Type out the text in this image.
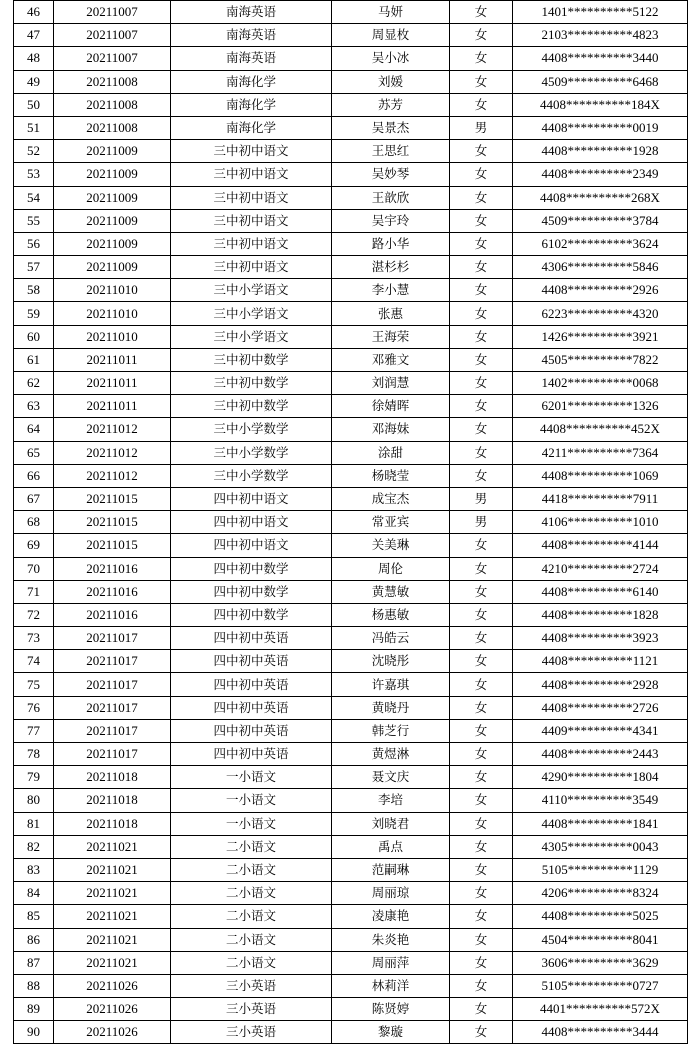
46	20211007	南海英语	马妍	女	1401**********5122
47	20211007	南海英语	周显枚	女	2103**********4823
48	20211007	南海英语	吴小冰	女	4408**********3440
49	20211008	南海化学	刘媛	女	4509**********6468
50	20211008	南海化学	苏芳	女	4408**********184X
51	20211008	南海化学	吴景杰	男	4408**********0019
52	20211009	三中初中语文	王思红	女	4408**********1928
53	20211009	三中初中语文	吴妙琴	女	4408**********2349
54	20211009	三中初中语文	王歆欣	女	4408**********268X
55	20211009	三中初中语文	吴宇玲	女	4509**********3784
56	20211009	三中初中语文	路小华	女	6102**********3624
57	20211009	三中初中语文	湛杉杉	女	4306**********5846
58	20211010	三中小学语文	李小慧	女	4408**********2926
59	20211010	三中小学语文	张惠	女	6223**********4320
60	20211010	三中小学语文	王海荣	女	1426**********3921
61	20211011	三中初中数学	邓雅文	女	4505**********7822
62	20211011	三中初中数学	刘润慧	女	1402**********0068
63	20211011	三中初中数学	徐婧晖	女	6201**********1326
64	20211012	三中小学数学	邓海妹	女	4408**********452X
65	20211012	三中小学数学	涂甜	女	4211**********7364
66	20211012	三中小学数学	杨晓莹	女	4408**********1069
67	20211015	四中初中语文	成宝杰	男	4418**********7911
68	20211015	四中初中语文	常亚宾	男	4106**********1010
69	20211015	四中初中语文	关美琳	女	4408**********4144
70	20211016	四中初中数学	周伦	女	4210**********2724
71	20211016	四中初中数学	黄慧敏	女	4408**********6140
72	20211016	四中初中数学	杨惠敏	女	4408**********1828
73	20211017	四中初中英语	冯皓云	女	4408**********3923
74	20211017	四中初中英语	沈晓彤	女	4408**********1121
75	20211017	四中初中英语	许嘉琪	女	4408**********2928
76	20211017	四中初中英语	黄晓丹	女	4408**********2726
77	20211017	四中初中英语	韩芝行	女	4409**********4341
78	20211017	四中初中英语	黄煜淋	女	4408**********2443
79	20211018	一小语文	聂文庆	女	4290**********1804
80	20211018	一小语文	李培	女	4110**********3549
81	20211018	一小语文	刘晓君	女	4408**********1841
82	20211021	二小语文	禹点	女	4305**********0043
83	20211021	二小语文	范嗣琳	女	5105**********1129
84	20211021	二小语文	周丽琼	女	4206**********8324
85	20211021	二小语文	凌康艳	女	4408**********5025
86	20211021	二小语文	朱炎艳	女	4504**********8041
87	20211021	二小语文	周丽萍	女	3606**********3629
88	20211026	三小英语	林莉洋	女	5105**********0727
89	20211026	三小英语	陈贤婷	女	4401**********572X
90	20211026	三小英语	黎璇	女	4408**********3444
